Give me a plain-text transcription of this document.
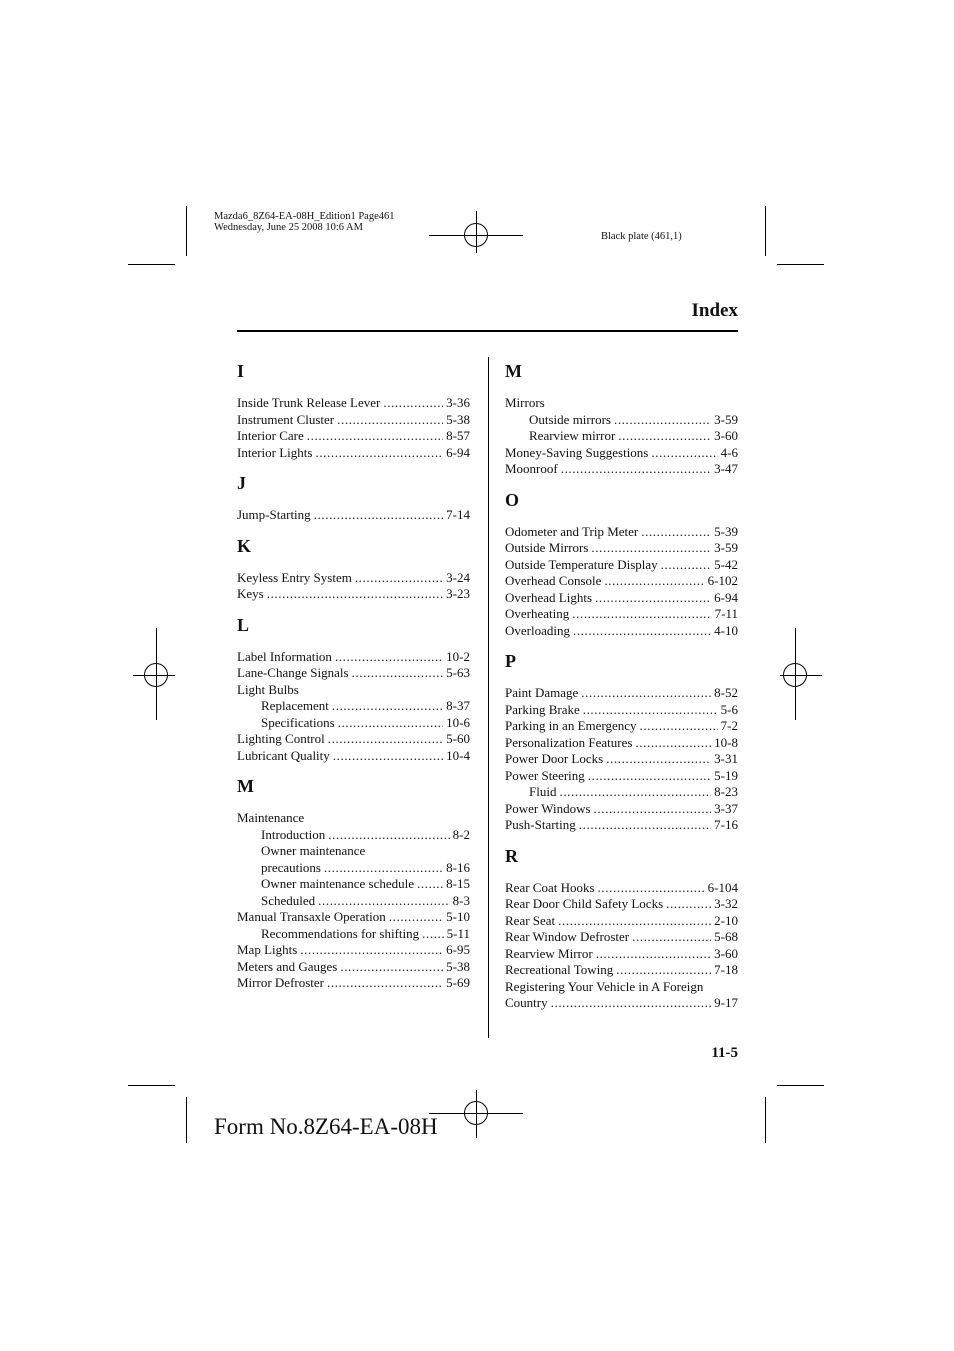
Mazda6_8Z64-EA-08H_Edition1 Page461
Wednesday, June 25 2008 10:6 AM
Black plate (461,1)
Index
I
Inside Trunk Release Lever .....	3-36
Instrument Cluster .....	5-38
Interior Care .....	8-57
Interior Lights .....	6-94
J
Jump-Starting .....	7-14
K
Keyless Entry System .....	3-24
Keys .....	3-23
L
Label Information .....	10-2
Lane-Change Signals .....	5-63
Light Bulbs
Replacement .....	8-37
Specifications .....	10-6
Lighting Control .....	5-60
Lubricant Quality .....	10-4
M
Maintenance
Introduction .....	8-2
Owner maintenance
precautions .....	8-16
Owner maintenance schedule ..... 8-15
Scheduled .....	8-3
Manual Transaxle Operation .....	5-10
Recommendations for shifting ..... 5-11
Map Lights .....	6-95
Meters and Gauges .....	5-38
Mirror Defroster .....	5-69
M
Mirrors
Outside mirrors .....	3-59
Rearview mirror .....	3-60
Money-Saving Suggestions .....	4-6
Moonroof .....	3-47
O
Odometer and Trip Meter .....	5-39
Outside Mirrors .....	3-59
Outside Temperature Display .....	5-42
Overhead Console .....	6-102
Overhead Lights .....	6-94
Overheating .....	7-11
Overloading .....	4-10
P
Paint Damage .....	8-52
Parking Brake .....	5-6
Parking in an Emergency .....	7-2
Personalization Features .....	10-8
Power Door Locks .....	3-31
Power Steering .....	5-19
Fluid .....	8-23
Power Windows .....	3-37
Push-Starting .....	7-16
R
Rear Coat Hooks .....	6-104
Rear Door Child Safety Locks .....	3-32
Rear Seat .....	2-10
Rear Window Defroster .....	5-68
Rearview Mirror .....	3-60
Recreational Towing .....	7-18
Registering Your Vehicle in A Foreign
Country .....	9-17
11-5
Form No.8Z64-EA-08H
